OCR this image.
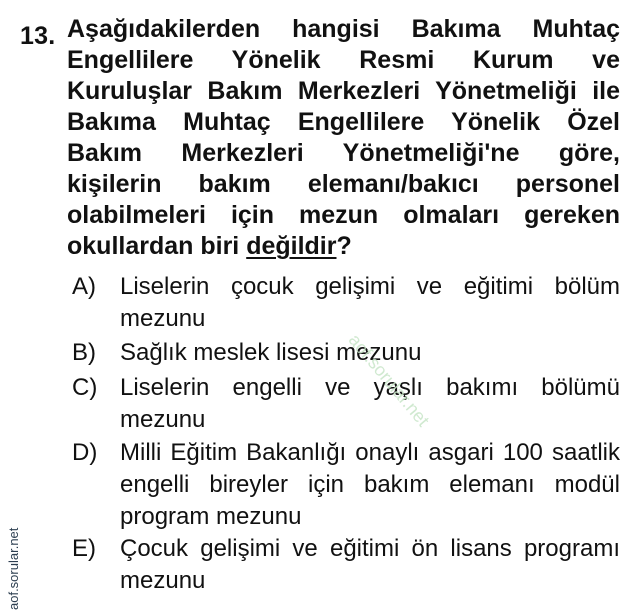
13. Aşağıdakilerden hangisi Bakıma Muhtaç Engellilere Yönelik Resmi Kurum ve Kuruluşlar Bakım Merkezleri Yönetmeliği ile Bakıma Muhtaç Engellilere Yönelik Özel Bakım Merkezleri Yönetmeliği'ne göre, kişilerin bakım elemanı/bakıcı personel olabilmeleri için mezun olmaları gereken okullardan biri değildir?
A)	Liselerin çocuk gelişimi ve eğitimi bölüm mezunu
B)	Sağlık meslek lisesi mezunu
C) Liselerin engelli ve yaşlı bakımı bölümü mezunu
D) Milli Eğitim Bakanlığı onaylı asgari 100 saatlik engelli bireyler için bakım elemanı modül program mezunu
E)	Çocuk gelişimi ve eğitimi ön lisans programı mezunu
aof.sorular.net
aof.sorular.net
